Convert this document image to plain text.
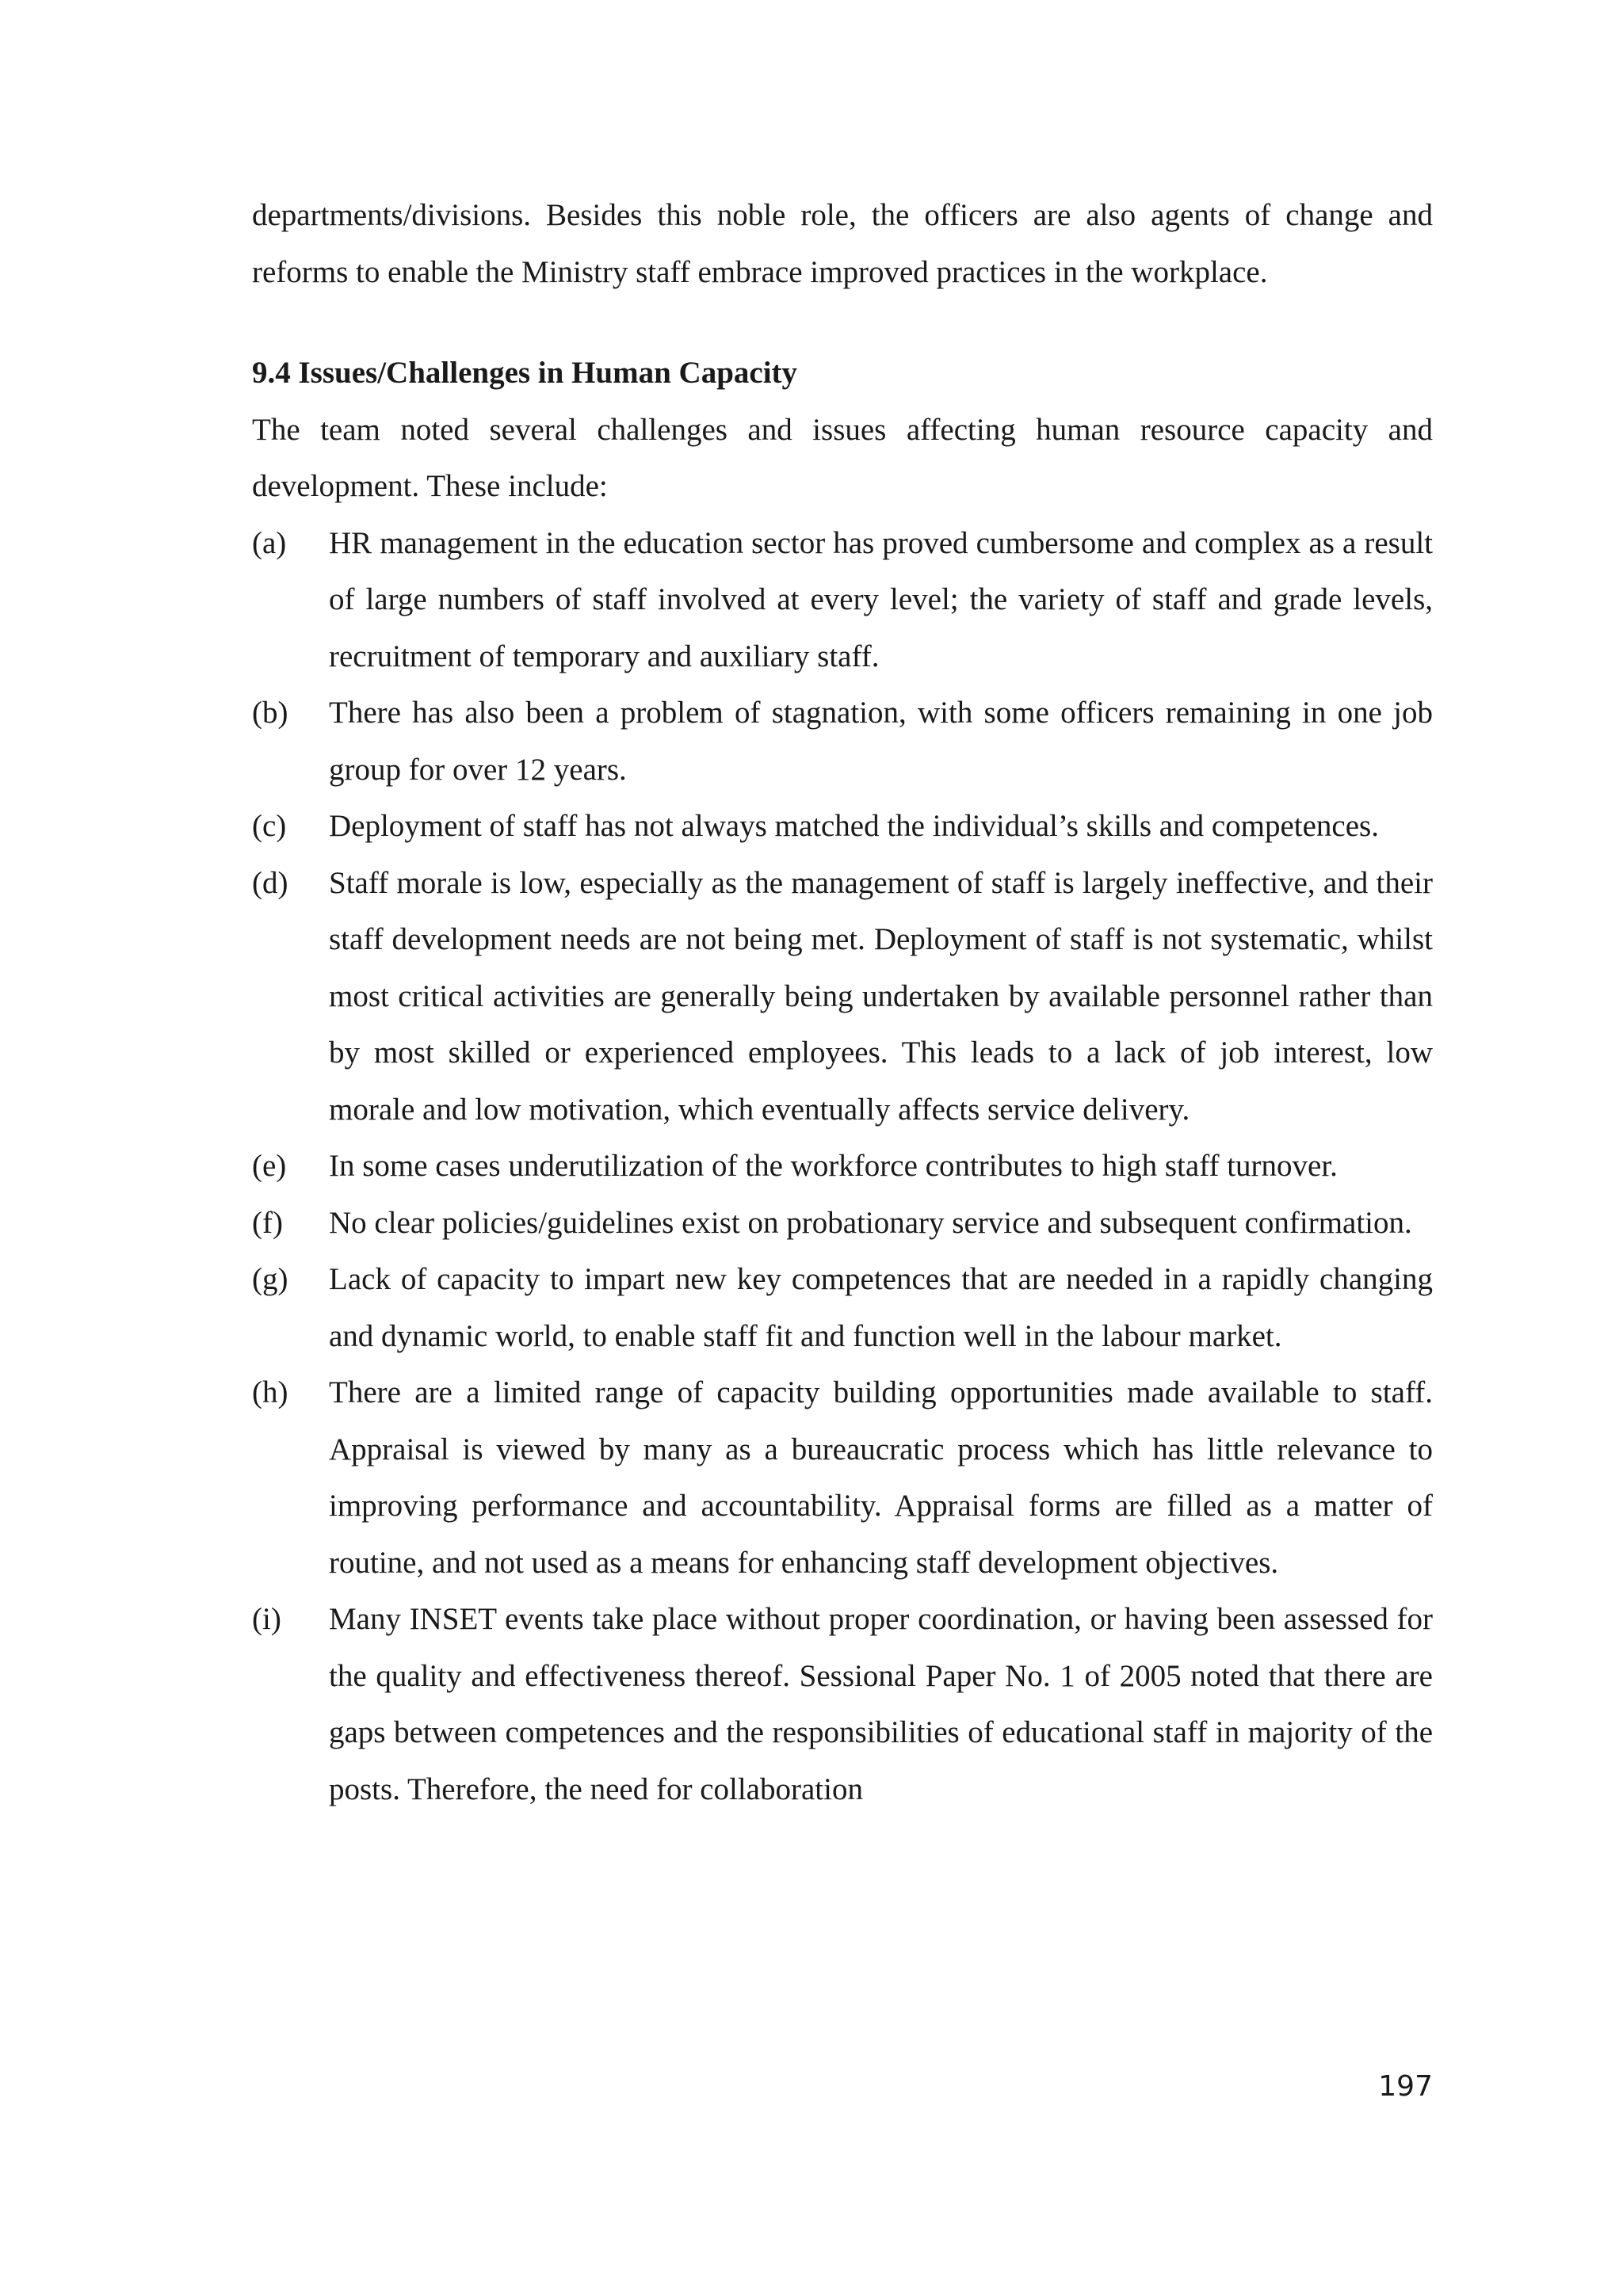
departments/divisions. Besides this noble role, the officers are also agents of change and reforms to enable the Ministry staff embrace improved practices in the workplace.

9.4 Issues/Challenges in Human Capacity

The team noted several challenges and issues affecting human resource capacity and development. These include:

(a)	HR management in the education sector has proved cumbersome and complex as a result of large numbers of staff involved at every level; the variety of staff and grade levels, recruitment of temporary and auxiliary staff.
(b)	There has also been a problem of stagnation, with some officers remaining in one job group for over 12 years.
(c)	Deployment of staff has not always matched the individual’s skills and competences.
(d)	Staff morale is low, especially as the management of staff is largely ineffective, and their staff development needs are not being met. Deployment of staff is not systematic, whilst most critical activities are generally being undertaken by available personnel rather than by most skilled or experienced employees. This leads to a lack of job interest, low morale and low motivation, which eventually affects service delivery.
(e)	In some cases underutilization of the workforce contributes to high staff turnover.
(f)	No clear policies/guidelines exist on probationary service and subsequent confirmation.
(g)	Lack of capacity to impart new key competences that are needed in a rapidly changing and dynamic world, to enable staff fit and function well in the labour market.
(h)	There are a limited range of capacity building opportunities made available to staff. Appraisal is viewed by many as a bureaucratic process which has little relevance to improving performance and accountability. Appraisal forms are filled as a matter of routine, and not used as a means for enhancing staff development objectives.
(i)	Many INSET events take place without proper coordination, or having been assessed for the quality and effectiveness thereof. Sessional Paper No. 1 of 2005 noted that there are gaps between competences and the responsibilities of educational staff in majority of the posts. Therefore, the need for collaboration
197
